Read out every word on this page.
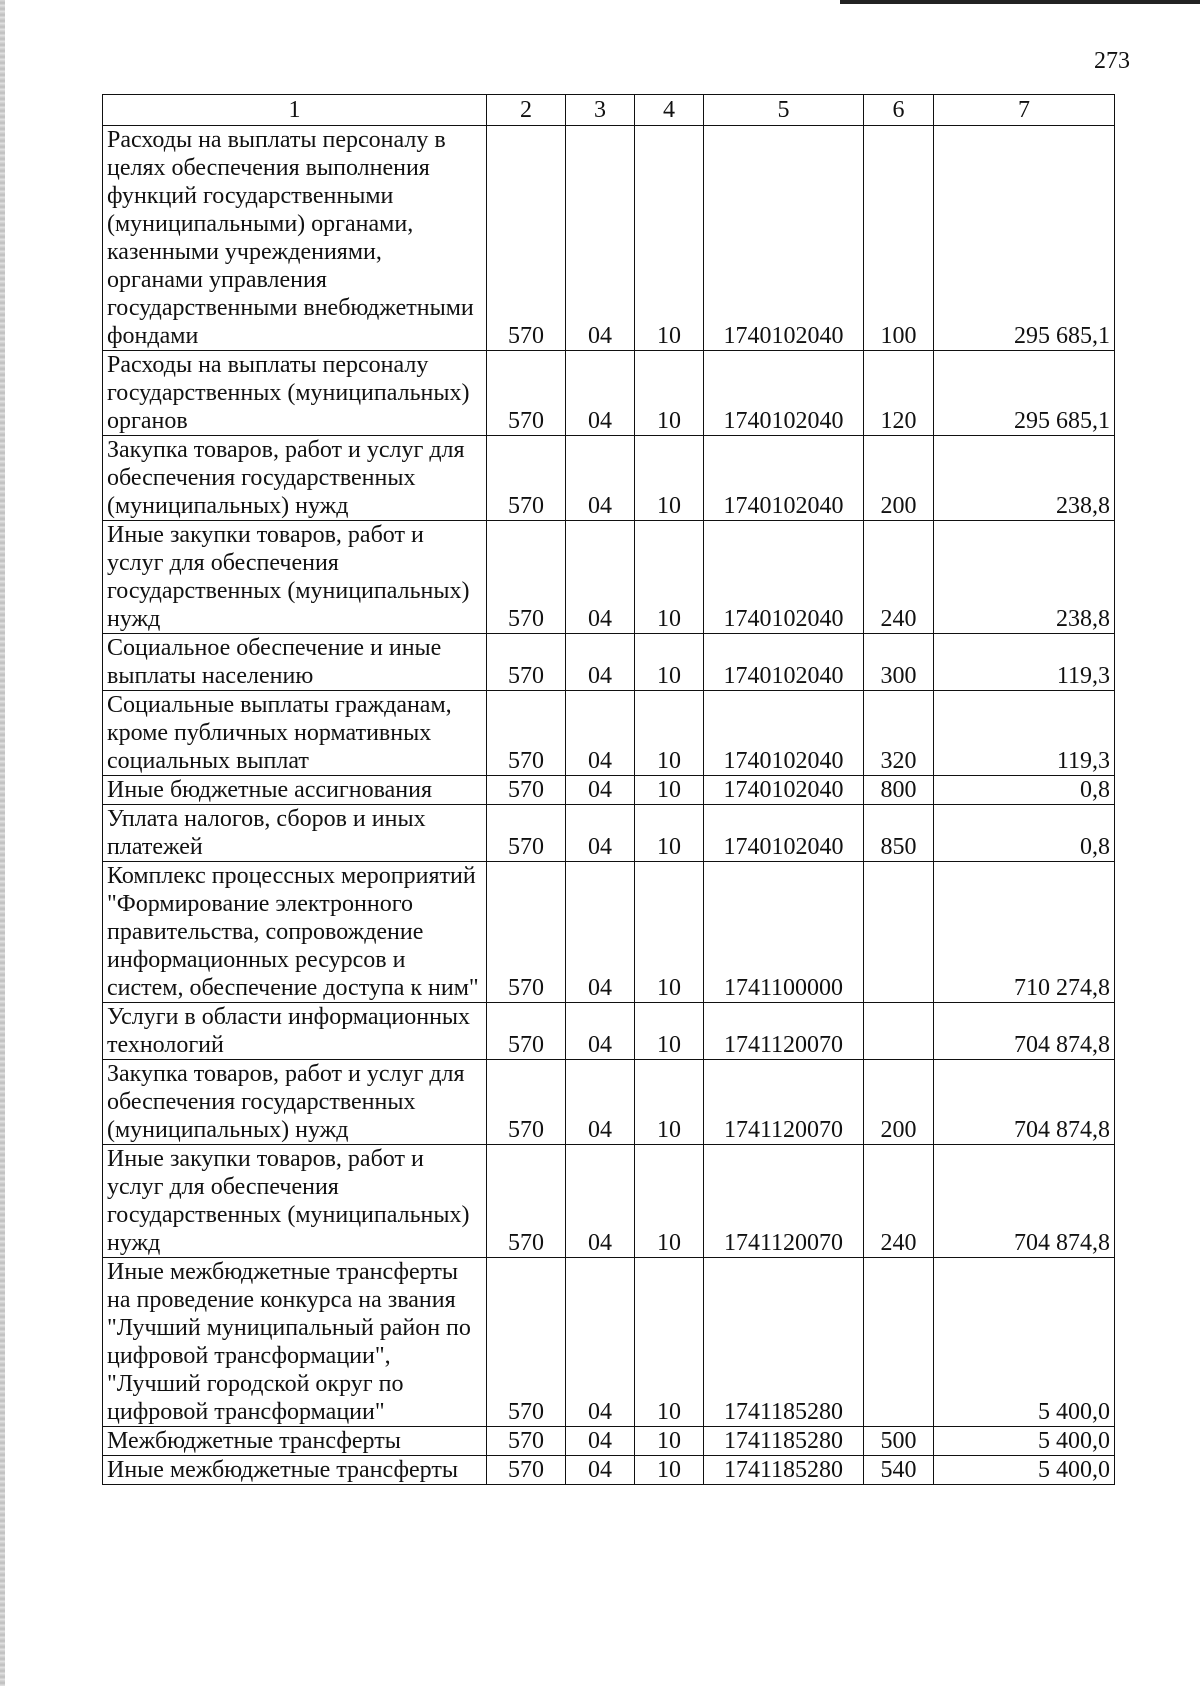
273
1	2	3	4	5	6	7
Расходы на выплаты персоналу в целях обеспечения выполнения функций государственными (муниципальными) органами, казенными учреждениями, органами управления государственными внебюджетными фондами	570	04	10	1740102040	100	295 685,1
Расходы на выплаты персоналу государственных (муниципальных) органов	570	04	10	1740102040	120	295 685,1
Закупка товаров, работ и услуг для обеспечения государственных (муниципальных) нужд	570	04	10	1740102040	200	238,8
Иные закупки товаров, работ и услуг для обеспечения государственных (муниципальных) нужд	570	04	10	1740102040	240	238,8
Социальное обеспечение и иные выплаты населению	570	04	10	1740102040	300	119,3
Социальные выплаты гражданам, кроме публичных нормативных социальных выплат	570	04	10	1740102040	320	119,3
Иные бюджетные ассигнования	570	04	10	1740102040	800	0,8
Уплата налогов, сборов и иных платежей	570	04	10	1740102040	850	0,8
Комплекс процессных мероприятий "Формирование электронного правительства, сопровождение информационных ресурсов и систем, обеспечение доступа к ним"	570	04	10	1741100000		710 274,8
Услуги в области информационных технологий	570	04	10	1741120070		704 874,8
Закупка товаров, работ и услуг для обеспечения государственных (муниципальных) нужд	570	04	10	1741120070	200	704 874,8
Иные закупки товаров, работ и услуг для обеспечения государственных (муниципальных) нужд	570	04	10	1741120070	240	704 874,8
Иные межбюджетные трансферты на проведение конкурса на звания "Лучший муниципальный район по цифровой трансформации", "Лучший городской округ по цифровой трансформации"	570	04	10	1741185280		5 400,0
Межбюджетные трансферты	570	04	10	1741185280	500	5 400,0
Иные межбюджетные трансферты	570	04	10	1741185280	540	5 400,0
